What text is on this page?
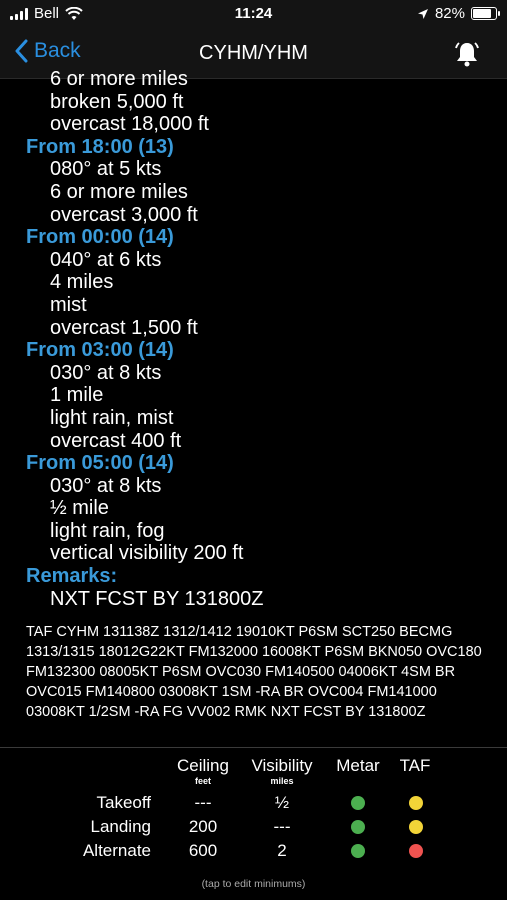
Bell	11:24	82%
Back	CYHM/YHM
6 or more miles
broken 5,000 ft
overcast 18,000 ft
From 18:00 (13)
080° at 5 kts
6 or more miles
overcast 3,000 ft
From 00:00 (14)
040° at 6 kts
4 miles
mist
overcast 1,500 ft
From 03:00 (14)
030° at 8 kts
1 mile
light rain, mist
overcast 400 ft
From 05:00 (14)
030° at 8 kts
½ mile
light rain, fog
vertical visibility 200 ft
Remarks:
NXT FCST BY 131800Z
TAF CYHM 131138Z 1312/1412 19010KT P6SM SCT250 BECMG 1313/1315 18012G22KT FM132000 16008KT P6SM BKN050 OVC180 FM132300 08005KT P6SM OVC030 FM140500 04006KT 4SM BR OVC015 FM140800 03008KT 1SM -RA BR OVC004 FM141000 03008KT 1/2SM -RA FG VV002 RMK NXT FCST BY 131800Z
Ceiling
feet
Visibility
miles
Metar	TAF
Takeoff	---	½
Landing	200	---
Alternate	600	2
(tap to edit minimums)
